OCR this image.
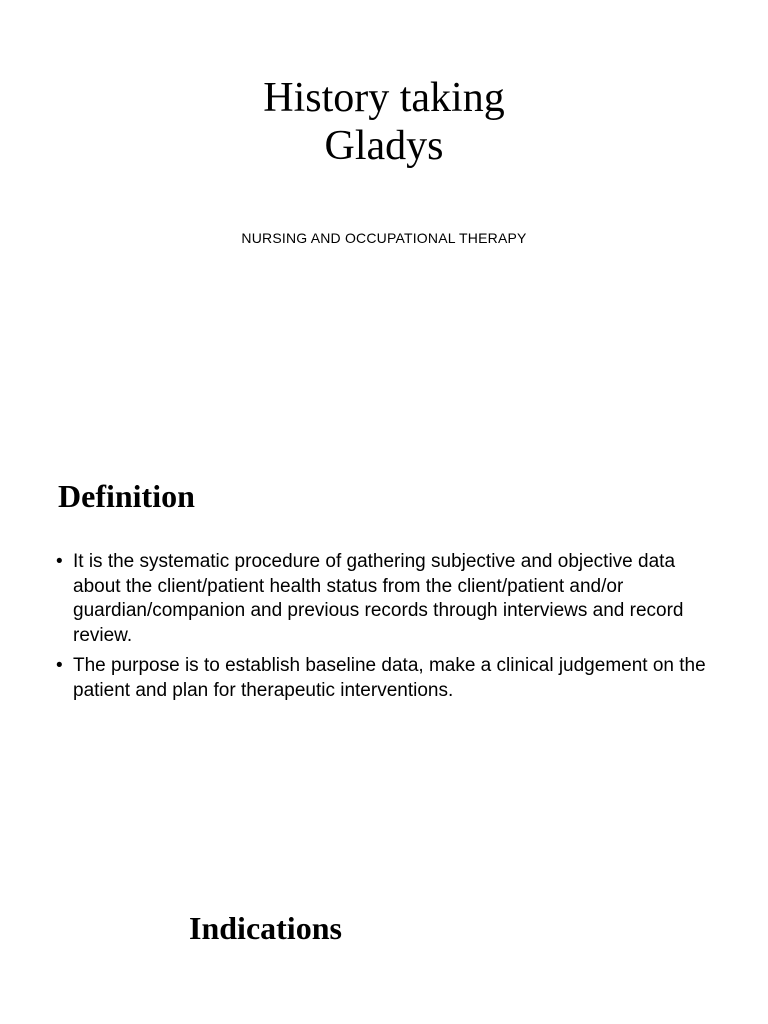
History taking
Gladys
NURSING AND OCCUPATIONAL THERAPY
Definition
• It is the systematic procedure of gathering subjective and objective data about the client/patient health status from the client/patient and/or guardian/companion and previous records through interviews and record review.
• The purpose is to establish baseline data, make a clinical judgement on the patient and plan for therapeutic interventions.
Indications
